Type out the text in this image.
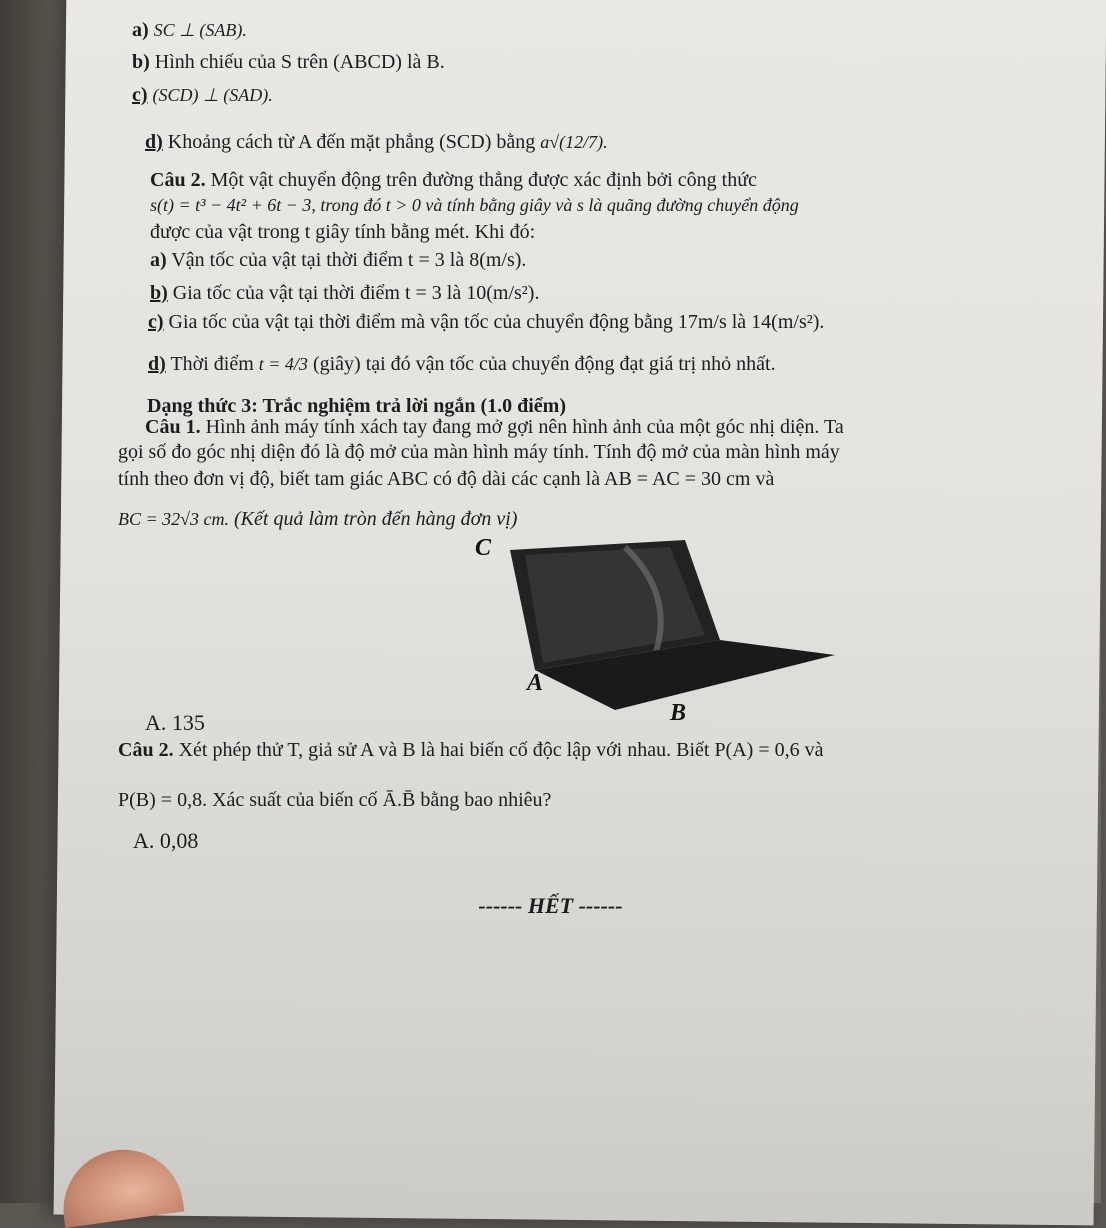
a) SC ⊥ (SAB).
b) Hình chiếu của S trên (ABCD) là B.
c) (SCD) ⊥ (SAD).
d) Khoảng cách từ A đến mặt phẳng (SCD) bằng a√(12/7).
Câu 2. Một vật chuyển động trên đường thẳng được xác định bởi công thức
s(t) = t³ − 4t² + 6t − 3, trong đó t > 0 và tính bằng giây và s là quãng đường chuyển động
được của vật trong t giây tính bằng mét. Khi đó:
a) Vận tốc của vật tại thời điểm t = 3 là 8(m/s).
b) Gia tốc của vật tại thời điểm t = 3 là 10(m/s²).
c) Gia tốc của vật tại thời điểm mà vận tốc của chuyển động bằng 17m/s là 14(m/s²).
d) Thời điểm t = 4/3 (giây) tại đó vận tốc của chuyển động đạt giá trị nhỏ nhất.
Dạng thức 3: Trắc nghiệm trả lời ngắn (1.0 điểm)
Câu 1. Hình ảnh máy tính xách tay đang mở gợi nên hình ảnh của một góc nhị diện. Ta
gọi số đo góc nhị diện đó là độ mở của màn hình máy tính. Tính độ mở của màn hình máy
tính theo đơn vị độ, biết tam giác ABC có độ dài các cạnh là AB = AC = 30 cm và
BC = 32√3 cm. (Kết quả làm tròn đến hàng đơn vị)
C
A
B
A. 135
Câu 2. Xét phép thử T, giả sử A và B là hai biến cố độc lập với nhau. Biết P(A) = 0,6 và
P(B) = 0,8. Xác suất của biến cố Ā.B̄ bằng bao nhiêu?
A. 0,08
------ HẾT ------
